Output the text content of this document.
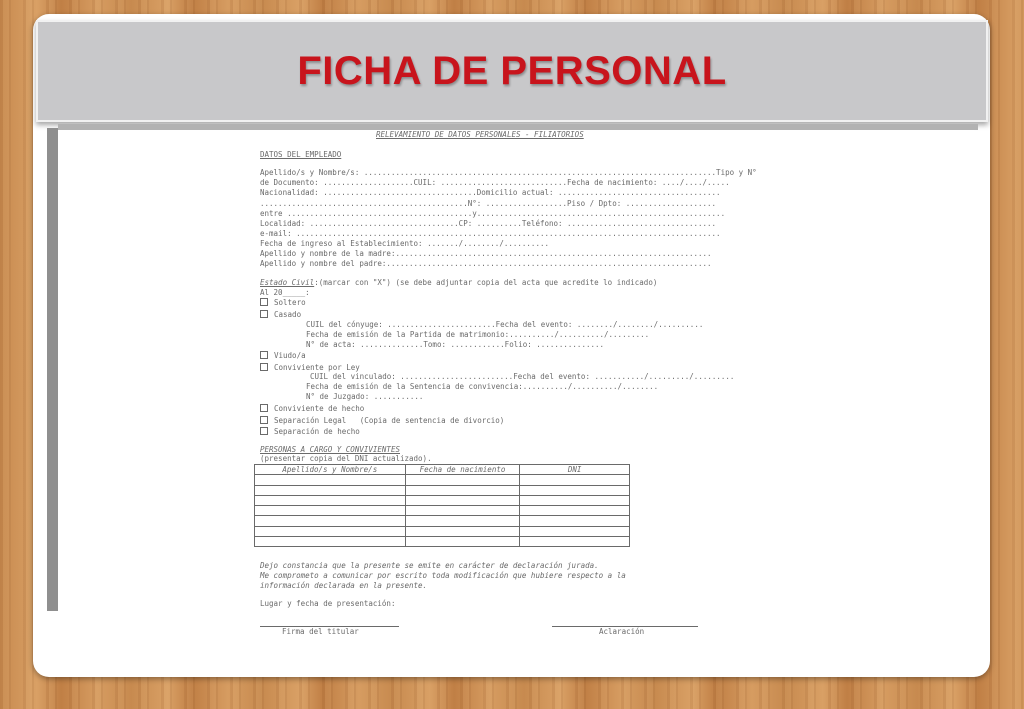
FICHA DE PERSONAL
RELEVAMIENTO DE DATOS PERSONALES - FILIATORIOS
DATOS DEL EMPLEADO
Apellido/s y Nombre/s: ..............................................................................Tipo y N°
de Documento: ....................CUIL: ............................Fecha de nacimiento: ..../..../.....
Nacionalidad: ..................................Domicilio actual: ....................................
..............................................N°: ..................Piso / Dpto: ....................
entre .........................................y.......................................................
Localidad: .................................CP: ..........Teléfono: .................................
e-mail: ..............................................................................................
Fecha de ingreso al Establecimiento: ......./......../..........
Apellido y nombre de la madre:......................................................................
Apellido y nombre del padre:........................................................................
Estado Civil:(marcar con "X") (se debe adjuntar copia del acta que acredite lo indicado)
Al 20_____:
Soltero
Casado
CUIL del cónyuge: ........................Fecha del evento: ......../......../..........
Fecha de emisión de la Partida de matrimonio:........../........../.........
N° de acta: ..............Tomo: ............Folio: ...............
Viudo/a
Conviviente por Ley
CUIL del vinculado: .........................Fecha del evento: .........../........./.........
Fecha de emisión de la Sentencia de convivencia:........../........../........
N° de Juzgado: ...........
Conviviente de hecho
Separación Legal   (Copia de sentencia de divorcio)
Separación de hecho
PERSONAS A CARGO Y CONVIVIENTES
(presentar copia del DNI actualizado).
Apellido/s y Nombre/s	Fecha de nacimiento	DNI

Dejo constancia que la presente se emite en carácter de declaración jurada.
Me comprometo a comunicar por escrito toda modificación que hubiere respecto a la
información declarada en la presente.
Lugar y fecha de presentación:
Firma del titular	Aclaración
